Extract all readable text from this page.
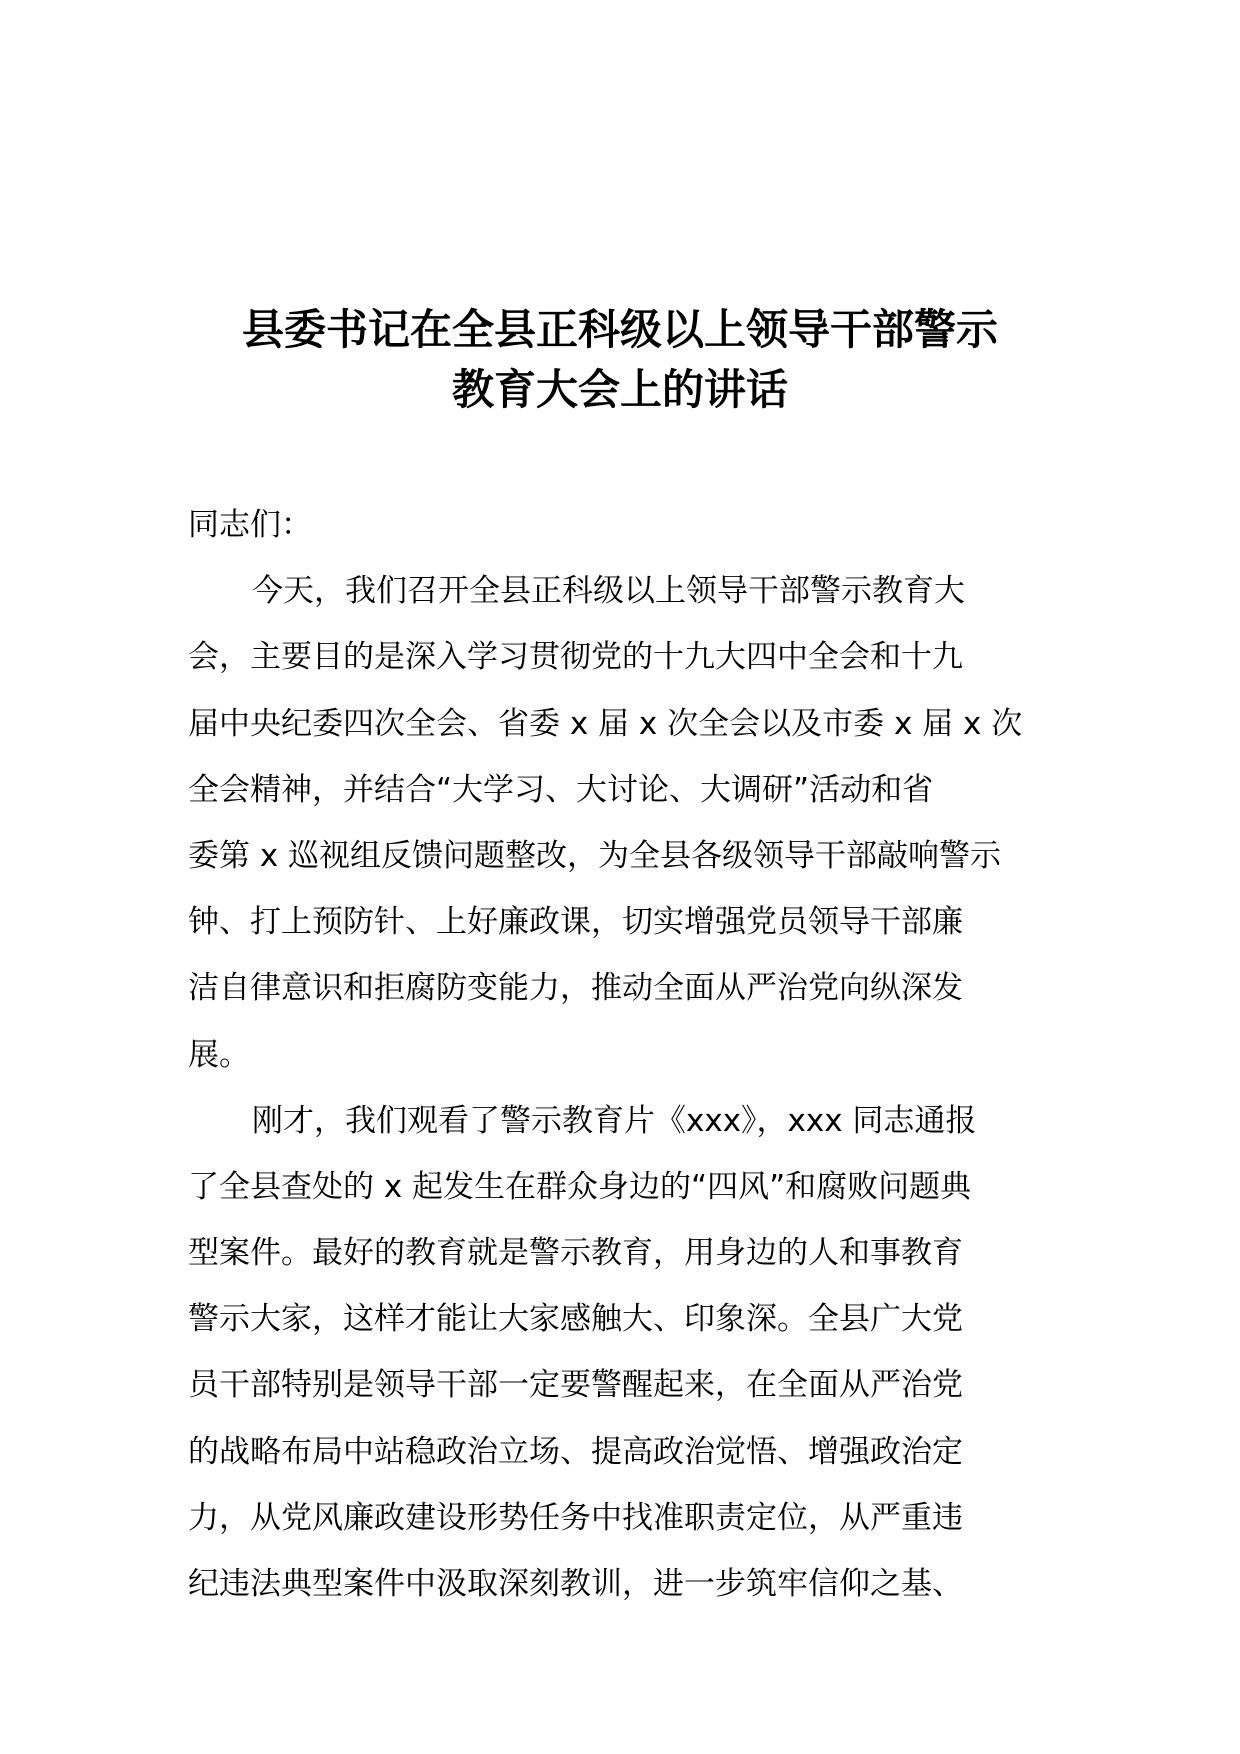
县委书记在全县正科级以上领导干部警示
教育大会上的讲话
同志们：
今天，我们召开全县正科级以上领导干部警示教育大
会，主要目的是深入学习贯彻党的十九大四中全会和十九
届中央纪委四次全会、省委 x 届 x 次全会以及市委 x 届 x 次
全会精神，并结合“大学习、大讨论、大调研”活动和省
委第 x 巡视组反馈问题整改，为全县各级领导干部敲响警示
钟、打上预防针、上好廉政课，切实增强党员领导干部廉
洁自律意识和拒腐防变能力，推动全面从严治党向纵深发
展。
刚才，我们观看了警示教育片《xxx》，xxx 同志通报
了全县查处的 x 起发生在群众身边的“四风”和腐败问题典
型案件。最好的教育就是警示教育，用身边的人和事教育
警示大家，这样才能让大家感触大、印象深。全县广大党
员干部特别是领导干部一定要警醒起来，在全面从严治党
的战略布局中站稳政治立场、提高政治觉悟、增强政治定
力，从党风廉政建设形势任务中找准职责定位，从严重违
纪违法典型案件中汲取深刻教训，进一步筑牢信仰之基、
